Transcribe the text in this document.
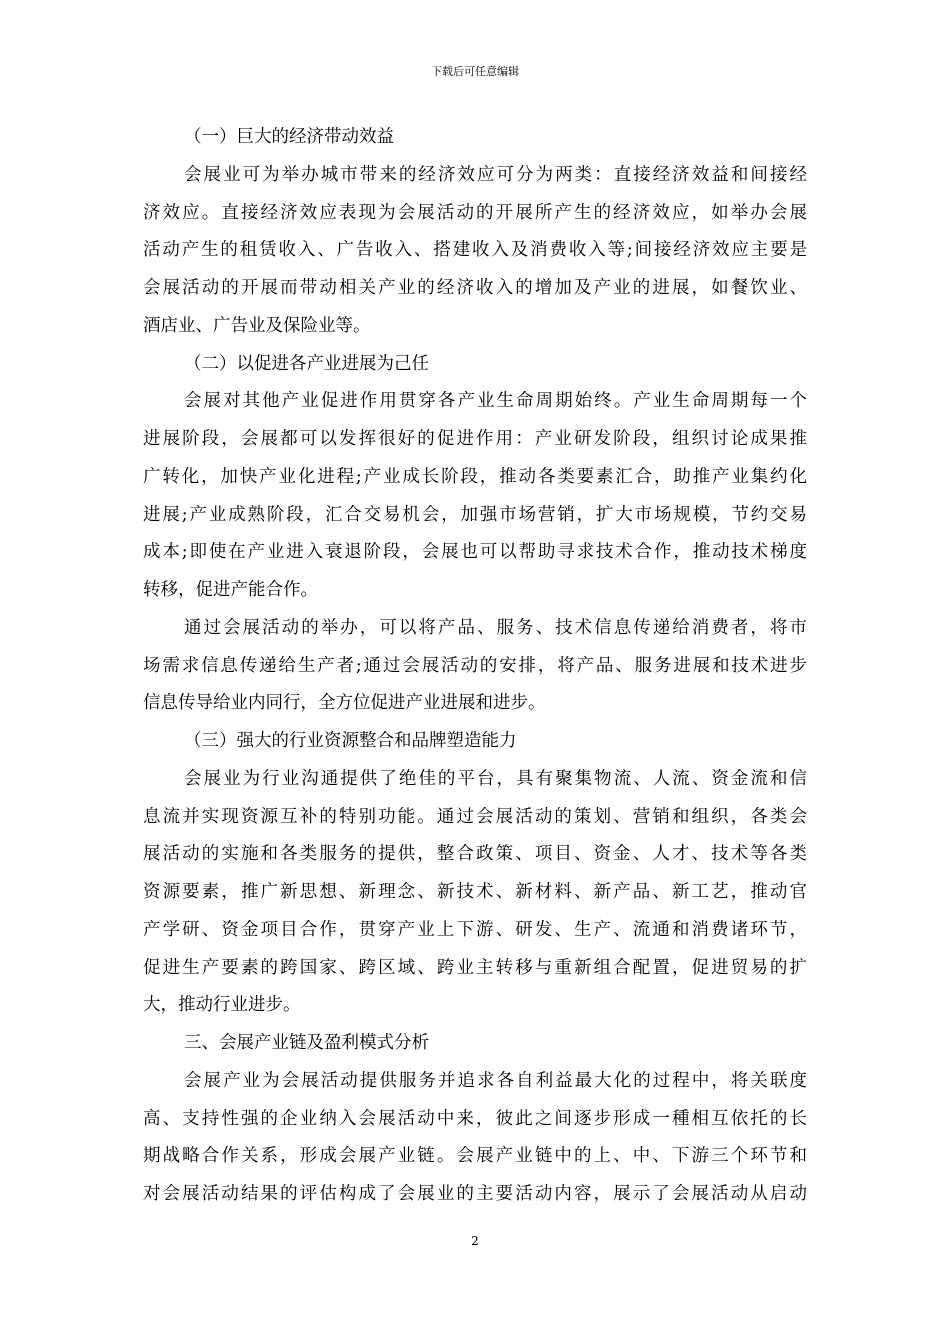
下载后可任意编辑
（一）巨大的经济带动效益
会展业可为举办城市带来的经济效应可分为两类：直接经济效益和间接经
济效应。直接经济效应表现为会展活动的开展所产生的经济效应，如举办会展
活动产生的租赁收入、广告收入、搭建收入及消费收入等;间接经济效应主要是
会展活动的开展而带动相关产业的经济收入的增加及产业的进展，如餐饮业、
酒店业、广告业及保险业等。
（二）以促进各产业进展为己任
会展对其他产业促进作用贯穿各产业生命周期始终。产业生命周期每一个
进展阶段，会展都可以发挥很好的促进作用：产业研发阶段，组织讨论成果推
广转化，加快产业化进程;产业成长阶段，推动各类要素汇合，助推产业集约化
进展;产业成熟阶段，汇合交易机会，加强市场营销，扩大市场规模，节约交易
成本;即使在产业进入衰退阶段，会展也可以帮助寻求技术合作，推动技术梯度
转移，促进产能合作。
通过会展活动的举办，可以将产品、服务、技术信息传递给消费者，将市
场需求信息传递给生产者;通过会展活动的安排，将产品、服务进展和技术进步
信息传导给业内同行，全方位促进产业进展和进步。
（三）强大的行业资源整合和品牌塑造能力
会展业为行业沟通提供了绝佳的平台，具有聚集物流、人流、资金流和信
息流并实现资源互补的特别功能。通过会展活动的策划、营销和组织，各类会
展活动的实施和各类服务的提供，整合政策、项目、资金、人才、技术等各类
资源要素，推广新思想、新理念、新技术、新材料、新产品、新工艺，推动官
产学研、资金项目合作，贯穿产业上下游、研发、生产、流通和消费诸环节，
促进生产要素的跨国家、跨区域、跨业主转移与重新组合配置，促进贸易的扩
大，推动行业进步。
三、会展产业链及盈利模式分析
会展产业为会展活动提供服务并追求各自利益最大化的过程中，将关联度
高、支持性强的企业纳入会展活动中来，彼此之间逐步形成一種相互依托的长
期战略合作关系，形成会展产业链。会展产业链中的上、中、下游三个环节和
对会展活动结果的评估构成了会展业的主要活动内容，展示了会展活动从启动
2
